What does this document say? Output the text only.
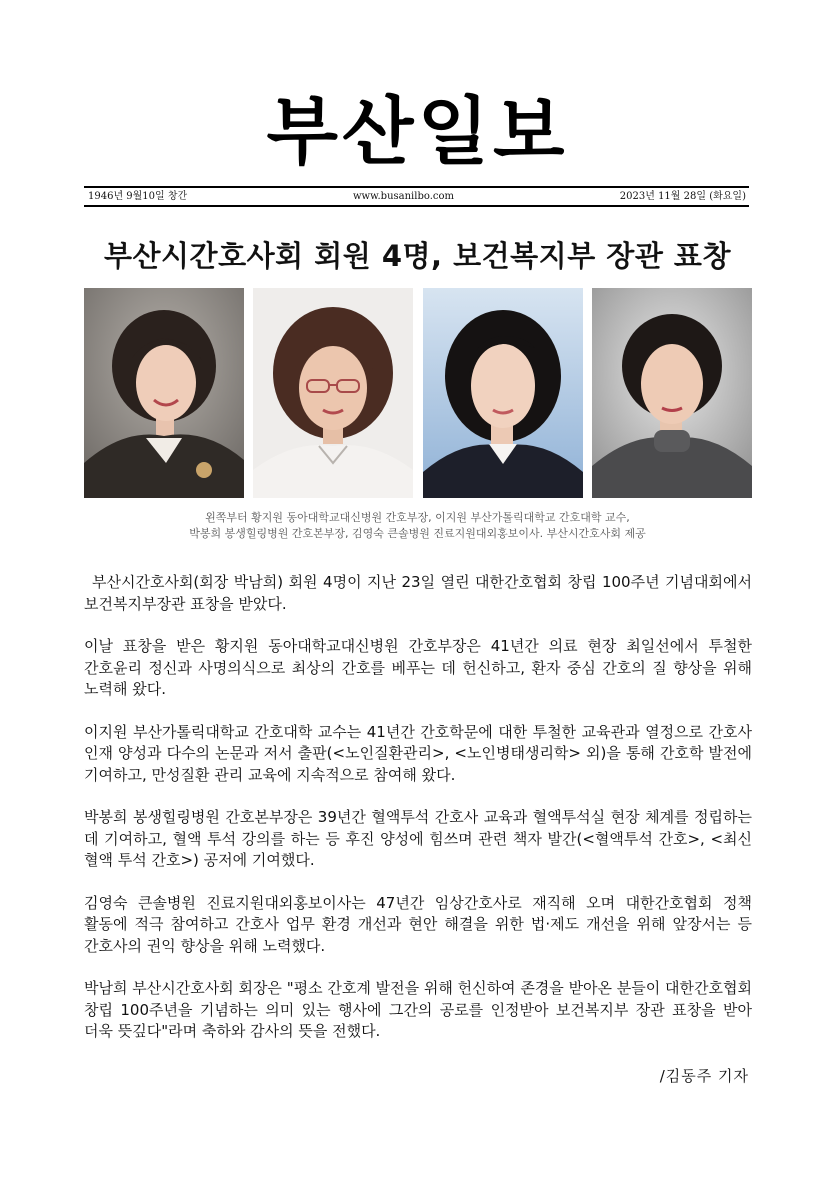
부산일보
1946년 9월10일 창간	www.busanilbo.com	2023년 11월 28일 (화요일)
부산시간호사회 회원 4명, 보건복지부 장관 표창
왼쪽부터 황지원 동아대학교대신병원 간호부장, 이지원 부산가톨릭대학교 간호대학 교수,
박봉희 봉생힐링병원 간호본부장, 김영숙 큰솔병원 진료지원대외홍보이사. 부산시간호사회 제공

부산시간호사회(회장 박남희) 회원 4명이 지난 23일 열린 대한간호협회 창립 100주년 기념대회에서 보건복지부장관 표창을 받았다.

이날 표창을 받은 황지원 동아대학교대신병원 간호부장은 41년간 의료 현장 최일선에서 투철한 간호윤리 정신과 사명의식으로 최상의 간호를 베푸는 데 헌신하고, 환자 중심 간호의 질 향상을 위해 노력해 왔다.

이지원 부산가톨릭대학교 간호대학 교수는 41년간 간호학문에 대한 투철한 교육관과 열정으로 간호사 인재 양성과 다수의 논문과 저서 출판(<노인질환관리>, <노인병태생리학> 외)을 통해 간호학 발전에 기여하고, 만성질환 관리 교육에 지속적으로 참여해 왔다.

박봉희 봉생힐링병원 간호본부장은 39년간 혈액투석 간호사 교육과 혈액투석실 현장 체계를 정립하는 데 기여하고, 혈액 투석 강의를 하는 등 후진 양성에 힘쓰며 관련 책자 발간(<혈액투석 간호>, <최신 혈액 투석 간호>) 공저에 기여했다.

김영숙 큰솔병원 진료지원대외홍보이사는 47년간 임상간호사로 재직해 오며 대한간호협회 정책 활동에 적극 참여하고 간호사 업무 환경 개선과 현안 해결을 위한 법·제도 개선을 위해 앞장서는 등 간호사의 권익 향상을 위해 노력했다.

박남희 부산시간호사회 회장은 "평소 간호계 발전을 위해 헌신하여 존경을 받아온 분들이 대한간호협회 창립 100주년을 기념하는 의미 있는 행사에 그간의 공로를 인정받아 보건복지부 장관 표창을 받아 더욱 뜻깊다"라며 축하와 감사의 뜻을 전했다.

/김동주 기자
